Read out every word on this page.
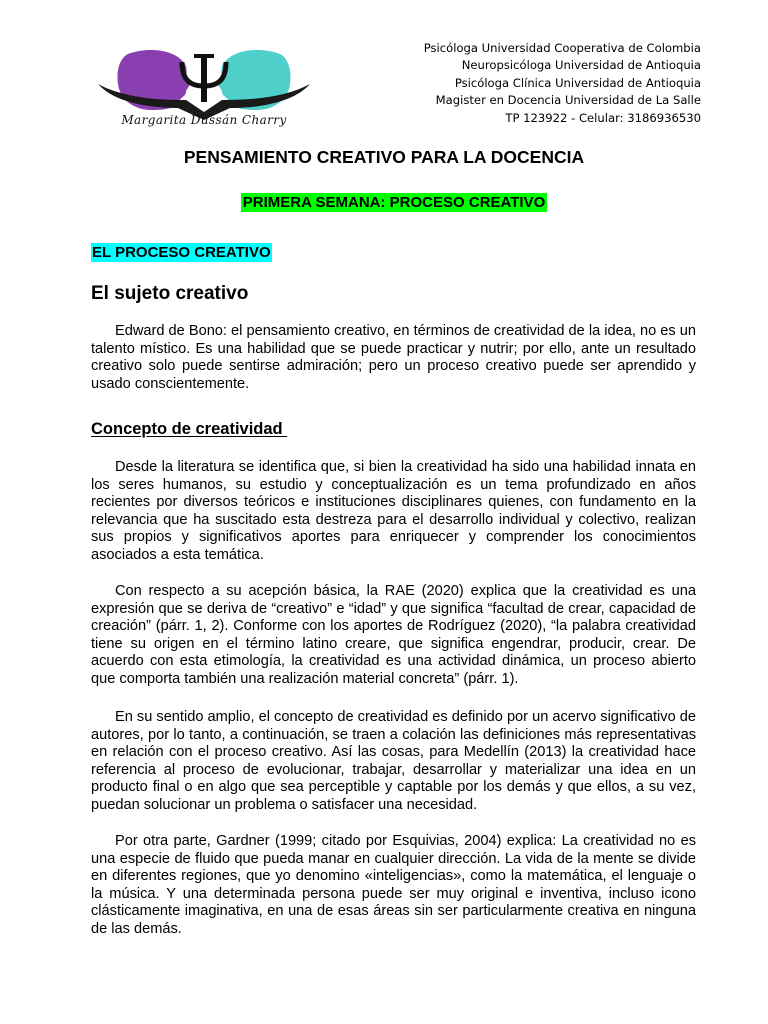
Margarita Dussán Charry
Psicóloga Universidad Cooperativa de Colombia
Neuropsicóloga Universidad de Antioquia
Psicóloga Clínica Universidad de Antioquia
Magister en Docencia Universidad de La Salle
TP 123922 - Celular: 3186936530
PENSAMIENTO CREATIVO PARA LA DOCENCIA
PRIMERA SEMANA: PROCESO CREATIVO
EL PROCESO CREATIVO
El sujeto creativo

Edward de Bono: el pensamiento creativo, en términos de creatividad de la idea, no es un talento místico. Es una habilidad que se puede practicar y nutrir; por ello, ante un resultado creativo solo puede sentirse admiración; pero un proceso creativo puede ser aprendido y usado conscientemente.

Concepto de creatividad

Desde la literatura se identifica que, si bien la creatividad ha sido una habilidad innata en los seres humanos, su estudio y conceptualización es un tema profundizado en años recientes por diversos teóricos e instituciones disciplinares quienes, con fundamento en la relevancia que ha suscitado esta destreza para el desarrollo individual y colectivo, realizan sus propios y significativos aportes para enriquecer y comprender los conocimientos asociados a esta temática.

Con respecto a su acepción básica, la RAE (2020) explica que la creatividad es una expresión que se deriva de “creativo” e “idad” y que significa “facultad de crear, capacidad de creación” (párr. 1, 2). Conforme con los aportes de Rodríguez (2020), “la palabra creatividad tiene su origen en el término latino creare, que significa engendrar, producir, crear. De acuerdo con esta etimología, la creatividad es una actividad dinámica, un proceso abierto que comporta también una realización material concreta” (párr. 1).

En su sentido amplio, el concepto de creatividad es definido por un acervo significativo de autores, por lo tanto, a continuación, se traen a colación las definiciones más representativas en relación con el proceso creativo. Así las cosas, para Medellín (2013) la creatividad hace referencia al proceso de evolucionar, trabajar, desarrollar y materializar una idea en un producto final o en algo que sea perceptible y captable por los demás y que ellos, a su vez, puedan solucionar un problema o satisfacer una necesidad.

Por otra parte, Gardner (1999; citado por Esquivias, 2004) explica: La creatividad no es una especie de fluido que pueda manar en cualquier dirección. La vida de la mente se divide en diferentes regiones, que yo denomino «inteligencias», como la matemática, el lenguaje o la música. Y una determinada persona puede ser muy original e inventiva, incluso icono clásticamente imaginativa, en una de esas áreas sin ser particularmente creativa en ninguna de las demás.
